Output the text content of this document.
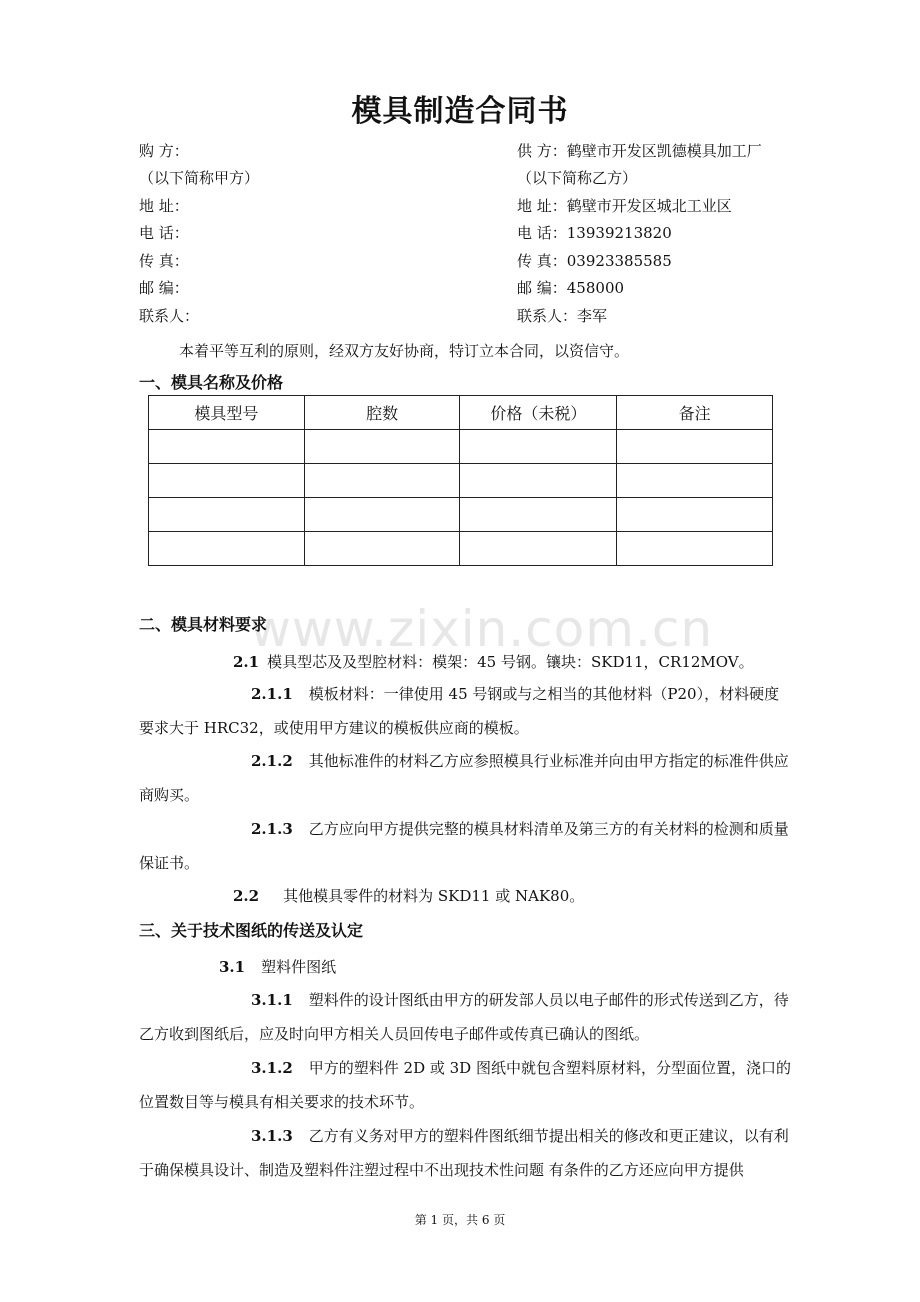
模具制造合同书
购 方：
（以下简称甲方）
地 址：
电 话：
传 真：
邮 编：
联系人：
供 方：鹤壁市开发区凯德模具加工厂
（以下简称乙方）
地 址：鹤壁市开发区城北工业区
电 话：13939213820
传 真：03923385585
邮 编：458000
联系人：李军
本着平等互利的原则，经双方友好协商，特订立本合同，以资信守。
一、模具名称及价格
模具型号	腔数	价格（未税）	备注

www.zixin.com.cn
二、模具材料要求
2.1 模具型芯及及型腔材料：模架：45 号钢。镶块：SKD11，CR12MOV。
2.1.1 模板材料：一律使用 45 号钢或与之相当的其他材料（P20），材料硬度要求大于 HRC32，或使用甲方建议的模板供应商的模板。
2.1.2 其他标准件的材料乙方应参照模具行业标准并向由甲方指定的标准件供应商购买。
2.1.3 乙方应向甲方提供完整的模具材料清单及第三方的有关材料的检测和质量保证书。
2.2 其他模具零件的材料为 SKD11 或 NAK80。
三、关于技术图纸的传送及认定
3.1 塑料件图纸
3.1.1 塑料件的设计图纸由甲方的研发部人员以电子邮件的形式传送到乙方，待乙方收到图纸后，应及时向甲方相关人员回传电子邮件或传真已确认的图纸。
3.1.2 甲方的塑料件 2D 或 3D 图纸中就包含塑料原材料，分型面位置，浇口的位置数目等与模具有相关要求的技术环节。
3.1.3 乙方有义务对甲方的塑料件图纸细节提出相关的修改和更正建议，以有利于确保模具设计、制造及塑料件注塑过程中不出现技术性问题 有条件的乙方还应向甲方提供
第 1 页，共 6 页
